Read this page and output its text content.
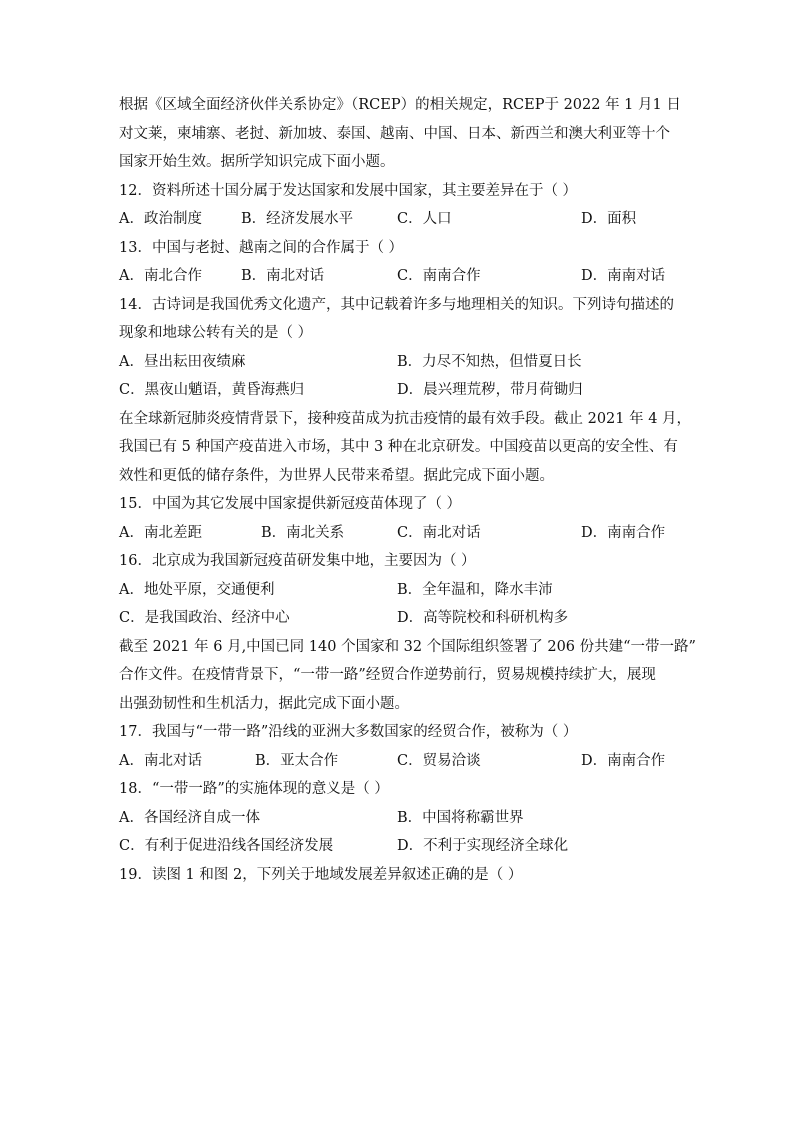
根据《区域全面经济伙伴关系协定》（RCEP）的相关规定，RCEP于 2022 年 1 月1 日
对文莱，柬埔寨、老挝、新加坡、泰国、越南、中国、日本、新西兰和澳大利亚等十个
国家开始生效。据所学知识完成下面小题。
12．资料所述十国分属于发达国家和发展中国家，其主要差异在于（ ）
A．政治制度	B．经济发展水平	C．人口	D．面积
13．中国与老挝、越南之间的合作属于（ ）
A．南北合作	B．南北对话	C．南南合作	D．南南对话
14．古诗词是我国优秀文化遗产，其中记载着许多与地理相关的知识。下列诗句描述的
现象和地球公转有关的是（ ）
A．昼出耘田夜绩麻	B．力尽不知热，但惜夏日长
C．黑夜山魈语，黄昏海燕归	D．晨兴理荒秽，带月荷锄归
在全球新冠肺炎疫情背景下，接种疫苗成为抗击疫情的最有效手段。截止 2021 年 4 月，
我国已有 5 种国产疫苗进入市场，其中 3 种在北京研发。中国疫苗以更高的安全性、有
效性和更低的储存条件，为世界人民带来希望。据此完成下面小题。
15．中国为其它发展中国家提供新冠疫苗体现了（ ）
A．南北差距	B．南北关系	C．南北对话	D．南南合作
16．北京成为我国新冠疫苗研发集中地，主要因为（ ）
A．地处平原，交通便利	B．全年温和，降水丰沛
C．是我国政治、经济中心	D．高等院校和科研机构多
截至 2021 年 6 月,中国已同 140 个国家和 32 个国际组织签署了 206 份共建“一带一路”
合作文件。在疫情背景下，“一带一路”经贸合作逆势前行，贸易规模持续扩大，展现
出强劲韧性和生机活力，据此完成下面小题。
17．我国与“一带一路”沿线的亚洲大多数国家的经贸合作，被称为（ ）
A．南北对话	B．亚太合作	C．贸易洽谈	D．南南合作
18．“一带一路”的实施体现的意义是（ ）
A．各国经济自成一体	B．中国将称霸世界
C．有利于促进沿线各国经济发展	D．不利于实现经济全球化
19．读图 1 和图 2，下列关于地域发展差异叙述正确的是（ ）
